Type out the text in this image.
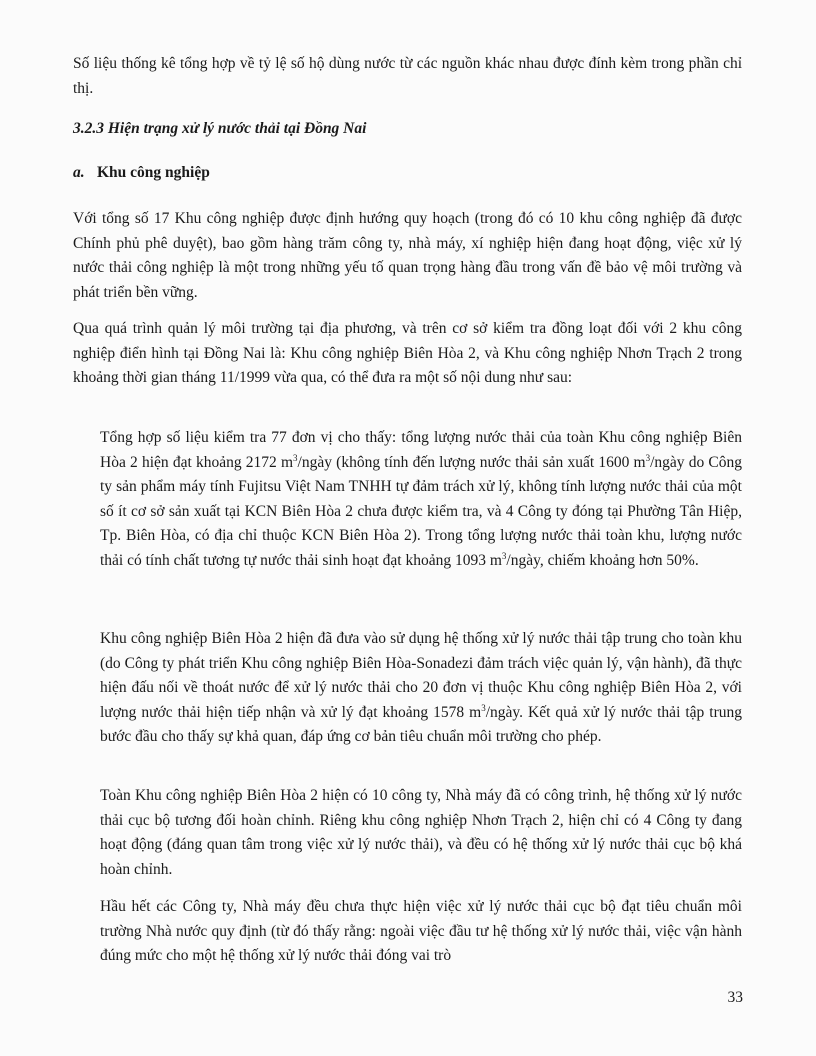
Số liệu thống kê tổng hợp về tỷ lệ số hộ dùng nước từ các nguồn khác nhau được đính kèm trong phần chỉ thị.

3.2.3 Hiện trạng xử lý nước thải tại Đồng Nai

a. Khu công nghiệp

Với tổng số 17 Khu công nghiệp được định hướng quy hoạch (trong đó có 10 khu công nghiệp đã được Chính phủ phê duyệt), bao gồm hàng trăm công ty, nhà máy, xí nghiệp hiện đang hoạt động, việc xử lý nước thải công nghiệp là một trong những yếu tố quan trọng hàng đầu trong vấn đề bảo vệ môi trường và phát triển bền vững.

Qua quá trình quản lý môi trường tại địa phương, và trên cơ sở kiểm tra đồng loạt đối với 2 khu công nghiệp điển hình tại Đồng Nai là: Khu công nghiệp Biên Hòa 2, và Khu công nghiệp Nhơn Trạch 2 trong khoảng thời gian tháng 11/1999 vừa qua, có thể đưa ra một số nội dung như sau:

Tổng hợp số liệu kiểm tra 77 đơn vị cho thấy: tổng lượng nước thải của toàn Khu công nghiệp Biên Hòa 2 hiện đạt khoảng 2172 $m^3$/ngày (không tính đến lượng nước thải sản xuất 1600 $m^3$/ngày do Công ty sản phẩm máy tính Fujitsu Việt Nam TNHH tự đảm trách xử lý, không tính lượng nước thải của một số ít cơ sở sản xuất tại KCN Biên Hòa 2 chưa được kiểm tra, và 4 Công ty đóng tại Phường Tân Hiệp, Tp. Biên Hòa, có địa chỉ thuộc KCN Biên Hòa 2). Trong tổng lượng nước thải toàn khu, lượng nước thải có tính chất tương tự nước thải sinh hoạt đạt khoảng 1093 $m^3$/ngày, chiếm khoảng hơn 50%.

Khu công nghiệp Biên Hòa 2 hiện đã đưa vào sử dụng hệ thống xử lý nước thải tập trung cho toàn khu (do Công ty phát triển Khu công nghiệp Biên Hòa-Sonadezi đảm trách việc quản lý, vận hành), đã thực hiện đấu nối về thoát nước để xử lý nước thải cho 20 đơn vị thuộc Khu công nghiệp Biên Hòa 2, với lượng nước thải hiện tiếp nhận và xử lý đạt khoảng 1578 $m^3$/ngày. Kết quả xử lý nước thải tập trung bước đầu cho thấy sự khả quan, đáp ứng cơ bản tiêu chuẩn môi trường cho phép.

Toàn Khu công nghiệp Biên Hòa 2 hiện có 10 công ty, Nhà máy đã có công trình, hệ thống xử lý nước thải cục bộ tương đối hoàn chỉnh. Riêng khu công nghiệp Nhơn Trạch 2, hiện chỉ có 4 Công ty đang hoạt động (đáng quan tâm trong việc xử lý nước thải), và đều có hệ thống xử lý nước thải cục bộ khá hoàn chỉnh.

Hầu hết các Công ty, Nhà máy đều chưa thực hiện việc xử lý nước thải cục bộ đạt tiêu chuẩn môi trường Nhà nước quy định (từ đó thấy rằng: ngoài việc đầu tư hệ thống xử lý nước thải, việc vận hành đúng mức cho một hệ thống xử lý nước thải đóng vai trò

33
